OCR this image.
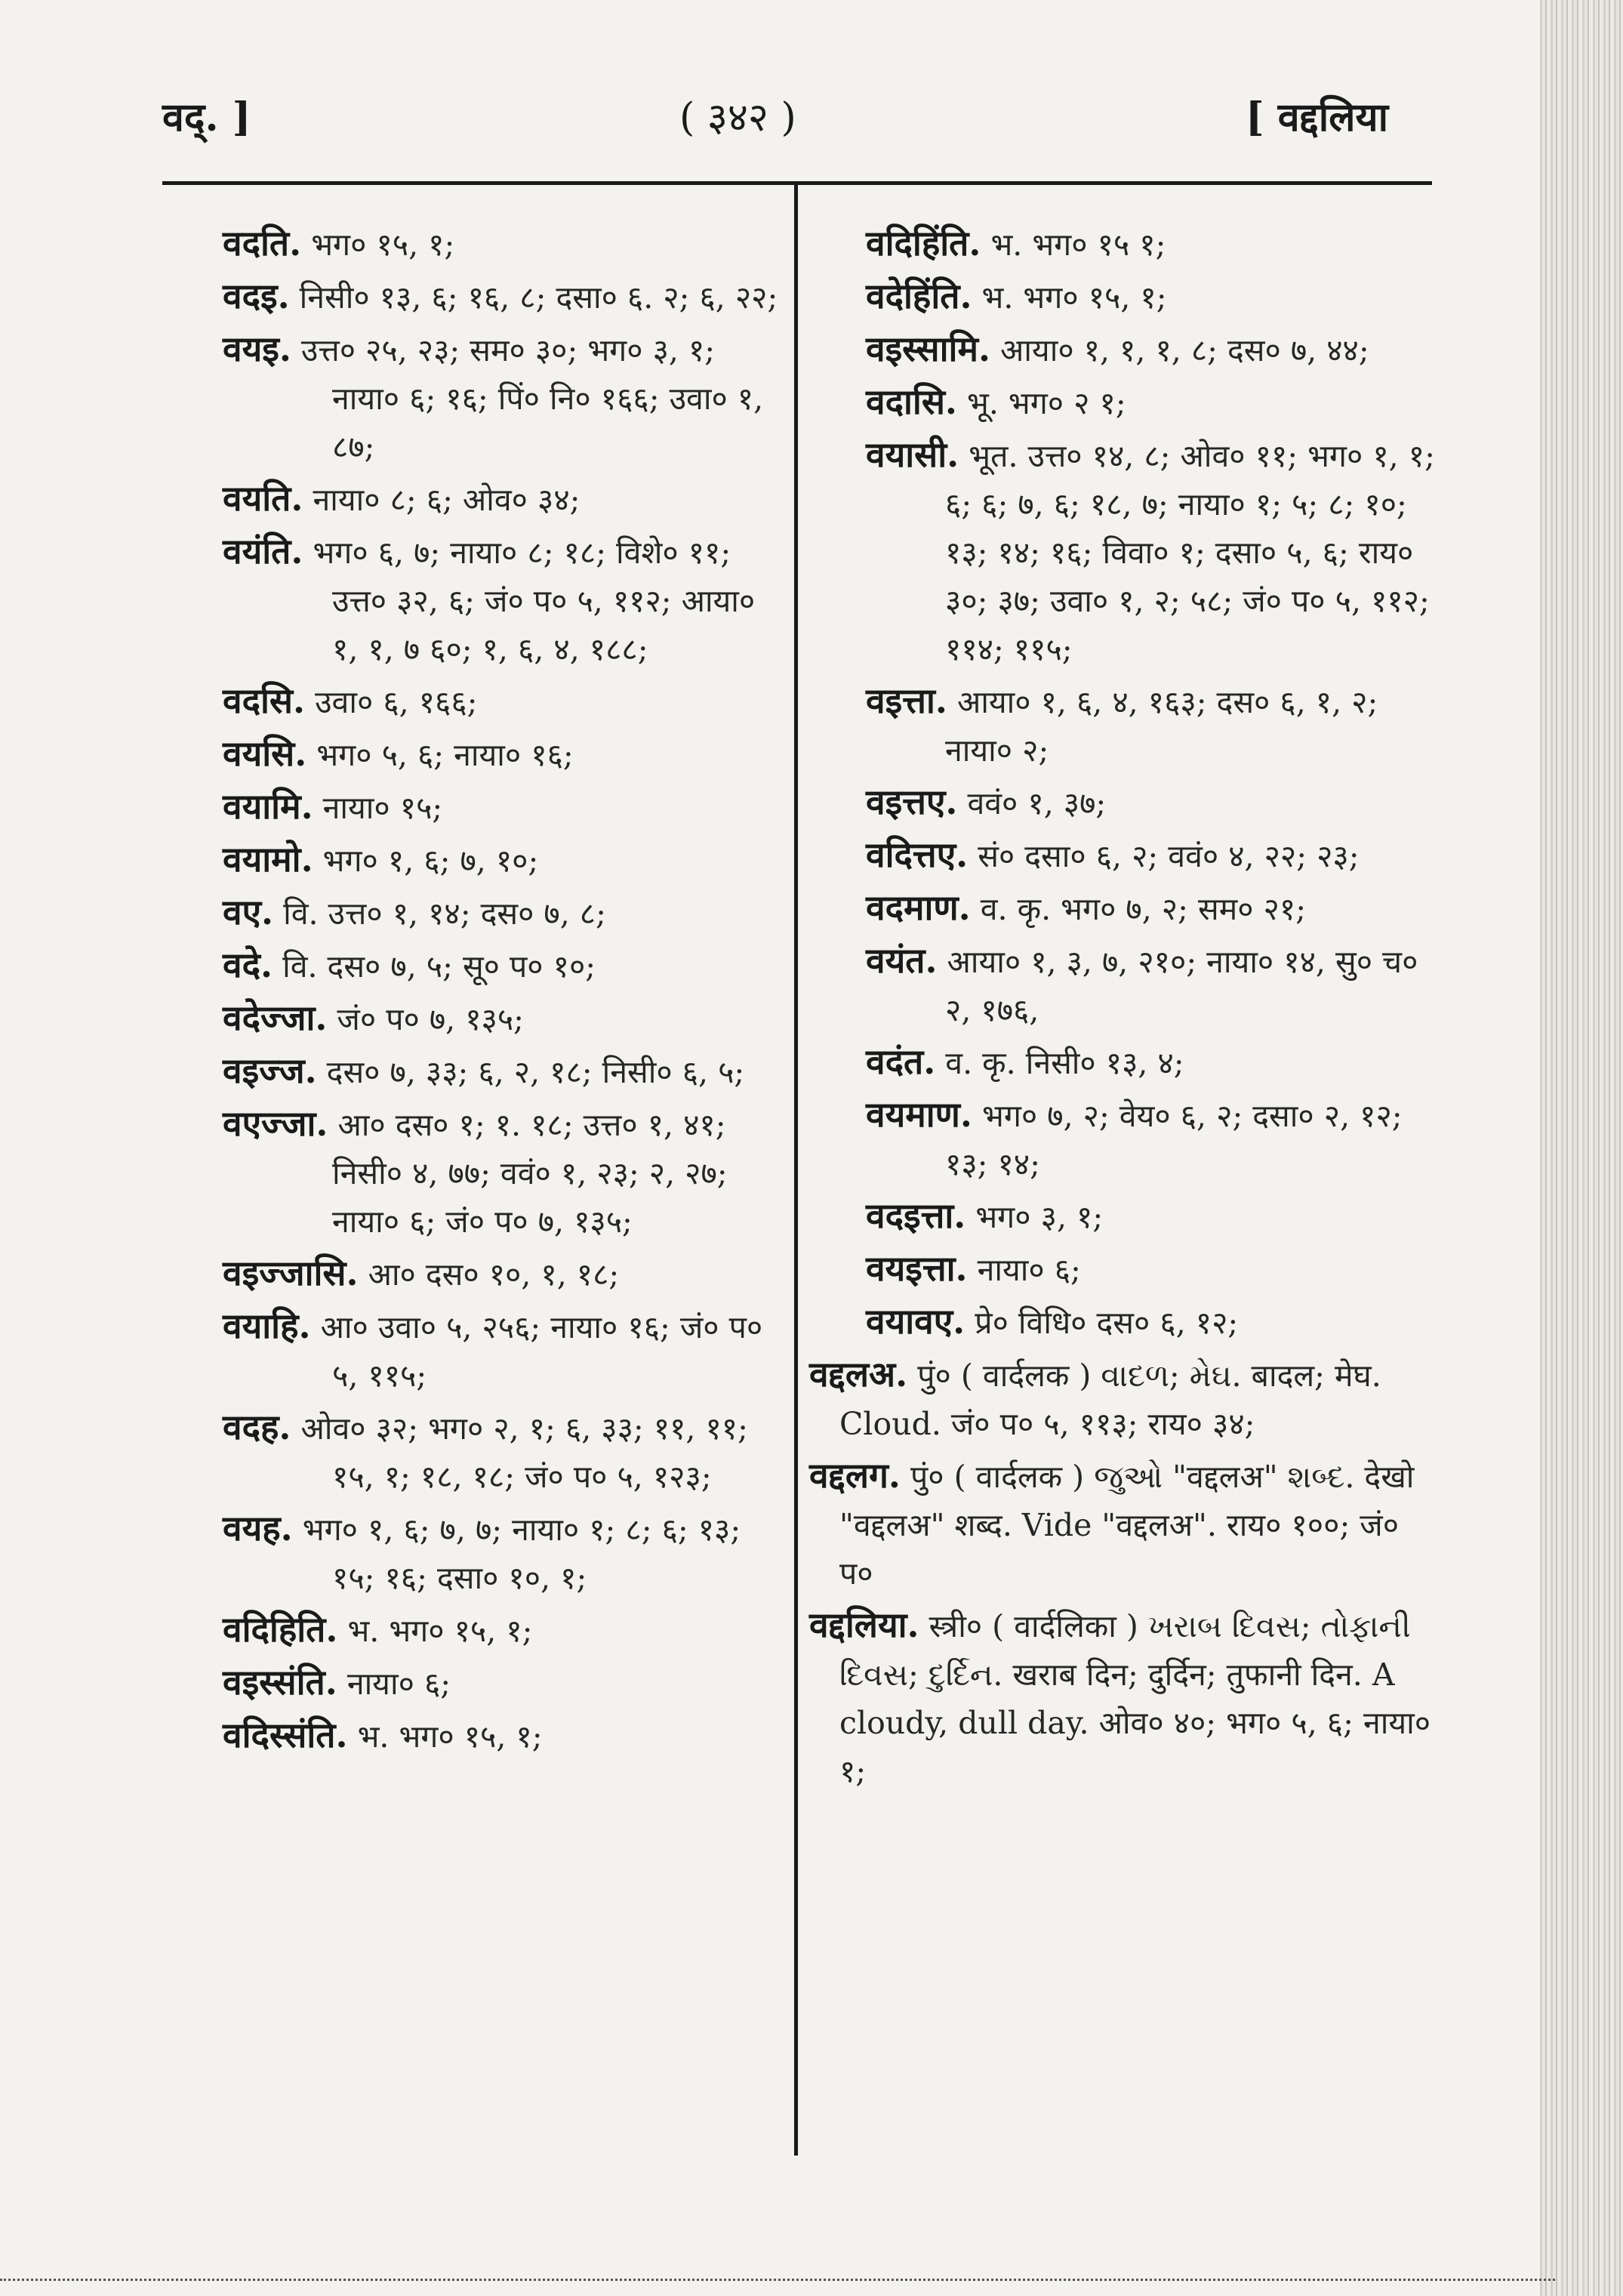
वद्. ]	( ३४२ )	[ वद्दलिया
वदति. भग० १५, १;
वदइ. निसी० १३, ६; १६, ८; दसा० ६. २; ६, २२;
वयइ. उत्त० २५, २३; सम० ३०; भग० ३, १; नाया० ६; १६; पिं० नि० १६६; उवा० १, ८७;
वयति. नाया० ८; ६; ओव० ३४;
वयंति. भग० ६, ७; नाया० ८; १८; विशे० ११; उत्त० ३२, ६; जं० प० ५, ११२; आया० १, १, ७ ६०; १, ६, ४, १८८;
वदसि. उवा० ६, १६६;
वयसि. भग० ५, ६; नाया० १६;
वयामि. नाया० १५;
वयामो. भग० १, ६; ७, १०;
वए. वि. उत्त० १, १४; दस० ७, ८;
वदे. वि. दस० ७, ५; सू० प० १०;
वदेज्जा. जं० प० ७, १३५;
वइज्ज. दस० ७, ३३; ६, २, १८; निसी० ६, ५;
वएज्जा. आ० दस० १; १. १८; उत्त० १, ४१; निसी० ४, ७७; ववं० १, २३; २, २७; नाया० ६; जं० प० ७, १३५;
वइज्जासि. आ० दस० १०, १, १८;
वयाहि. आ० उवा० ५, २५६; नाया० १६; जं० प० ५, ११५;
वदह. ओव० ३२; भग० २, १; ६, ३३; ११, ११; १५, १; १८, १८; जं० प० ५, १२३;
वयह. भग० १, ६; ७, ७; नाया० १; ८; ६; १३; १५; १६; दसा० १०, १;
वदिहिति. भ. भग० १५, १;
वइस्संति. नाया० ६;
वदिस्संति. भ. भग० १५, १;
वदिहिंति. भ. भग० १५ १;
वदेहिंति. भ. भग० १५, १;
वइस्सामि. आया० १, १, १, ८; दस० ७, ४४;
वदासि. भू. भग० २ १;
वयासी. भूत. उत्त० १४, ८; ओव० ११; भग० १, १; ६; ६; ७, ६; १८, ७; नाया० १; ५; ८; १०; १३; १४; १६; विवा० १; दसा० ५, ६; राय० ३०; ३७; उवा० १, २; ५८; जं० प० ५, ११२; ११४; ११५;
वइत्ता. आया० १, ६, ४, १६३; दस० ६, १, २; नाया० २;
वइत्तए. ववं० १, ३७;
वदित्तए. सं० दसा० ६, २; ववं० ४, २२; २३;
वदमाण. व. कृ. भग० ७, २; सम० २१;
वयंत. आया० १, ३, ७, २१०; नाया० १४, सु० च० २, १७६,
वदंत. व. कृ. निसी० १३, ४;
वयमाण. भग० ७, २; वेय० ६, २; दसा० २, १२; १३; १४;
वदइत्ता. भग० ३, १;
वयइत्ता. नाया० ६;
वयावए. प्रे० विधि० दस० ६, १२;
वद्दलअ. पुं० ( वार्दलक ) વાદળ; મેઘ. बादल; मेघ. Cloud. जं० प० ५, ११३; राय० ३४;
वद्दलग. पुं० ( वार्दलक ) જુઓ "वद्दलअ" શબ્દ. देखो "वद्दलअ" शब्द. Vide "वद्दलअ". राय० १००; जं० प०
वद्दलिया. स्त्री० ( वार्दलिका ) ખરાબ દિવસ; તોફાની દિવસ; દુર્દિન. खराब दिन; दुर्दिन; तुफानी दिन. A cloudy, dull day. ओव० ४०; भग० ५, ६; नाया० १;
